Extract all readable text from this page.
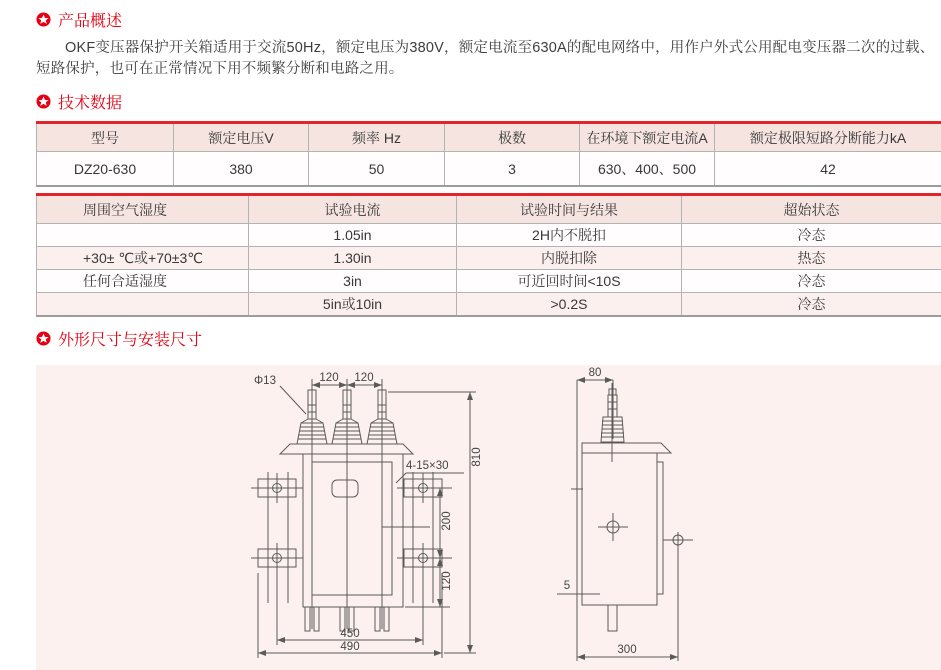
产品概述

OKF变压器保护开关箱适用于交流50Hz，额定电压为380V，额定电流至630A的配电网络中，用作户外式公用配电变压器二次的过载、短路保护，也可在正常情况下用不频繁分断和电路之用。

技术数据
型号	额定电压V	频率 Hz	极数	在环境下额定电流A	额定极限短路分断能力kA
DZ20-630	380	50	3	630、400、500	42
周围空气湿度	试验电流	试验时间与结果	超始状态
	1.05in	2H内不脱扣	冷态
+30± ℃或+70±3℃	1.30in	内脱扣除	热态
任何合适湿度	3in	可近回时间<10S	冷态
	5in或10in	>0.2S	冷态
外形尺寸与安装尺寸
Φ13	120 120
4-15×30 810
200
120
450
490
80
5
300
